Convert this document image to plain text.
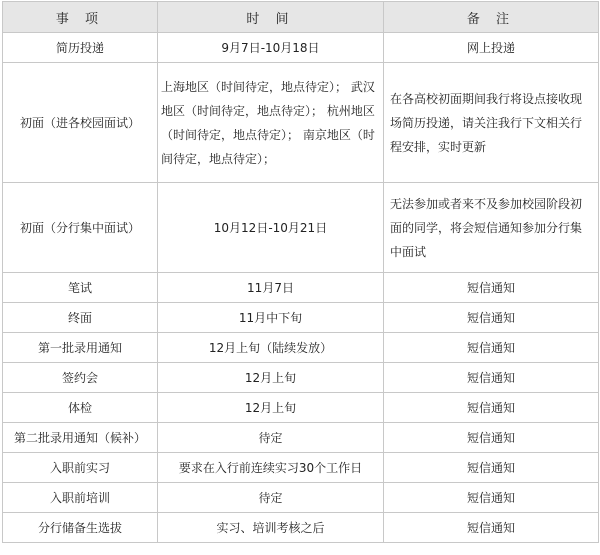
事 项	时 间	备 注
简历投递	9月7日-10月18日	网上投递
初面（进各校园面试）	上海地区（时间待定，地点待定）； 武汉地区（时间待定，地点待定）； 杭州地区（时间待定，地点待定）； 南京地区（时间待定，地点待定）；	在各高校初面期间我行将设点接收现场简历投递，请关注我行下文相关行程安排，实时更新
初面（分行集中面试）	10月12日-10月21日	无法参加或者来不及参加校园阶段初面的同学，将会短信通知参加分行集中面试
笔试	11月7日	短信通知
终面	11月中下旬	短信通知
第一批录用通知	12月上旬（陆续发放）	短信通知
签约会	12月上旬	短信通知
体检	12月上旬	短信通知
第二批录用通知（候补）	待定	短信通知
入职前实习	要求在入行前连续实习30个工作日	短信通知
入职前培训	待定	短信通知
分行储备生选拔	实习、培训考核之后	短信通知
